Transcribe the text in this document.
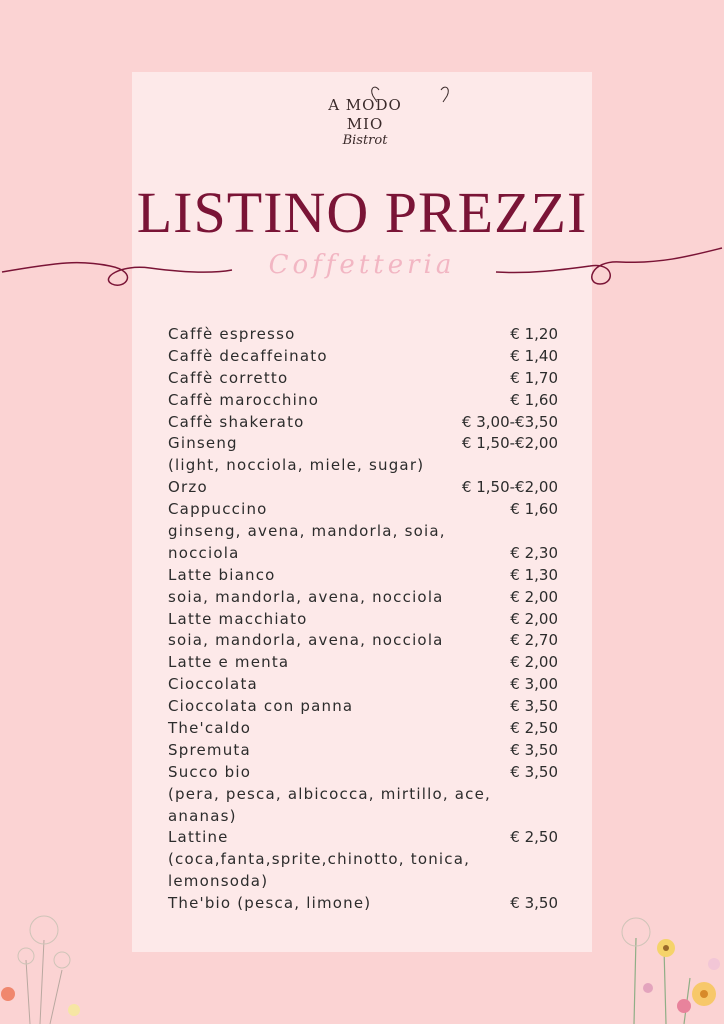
A MODO
MIO
Bistrot
LISTINO PREZZI
Coffetteria
Caffè espresso	€ 1,20
Caffè decaffeinato	€ 1,40
Caffè corretto	€ 1,70
Caffè marocchino	€ 1,60
Caffè shakerato	€ 3,00-€3,50
Ginseng	€ 1,50-€2,00
(light, nocciola, miele, sugar)
Orzo	€ 1,50-€2,00
Cappuccino	€ 1,60
ginseng, avena, mandorla, soia,
nocciola	€ 2,30
Latte bianco	€ 1,30
soia, mandorla, avena, nocciola	€ 2,00
Latte macchiato	€ 2,00
soia, mandorla, avena, nocciola	€ 2,70
Latte e menta	€ 2,00
Cioccolata	€ 3,00
Cioccolata con panna	€ 3,50
The'caldo	€ 2,50
Spremuta	€ 3,50
Succo bio	€ 3,50
(pera, pesca, albicocca, mirtillo, ace,
ananas)
Lattine	€ 2,50
(coca,fanta,sprite,chinotto, tonica,
lemonsoda)
The'bio (pesca, limone)	€ 3,50
